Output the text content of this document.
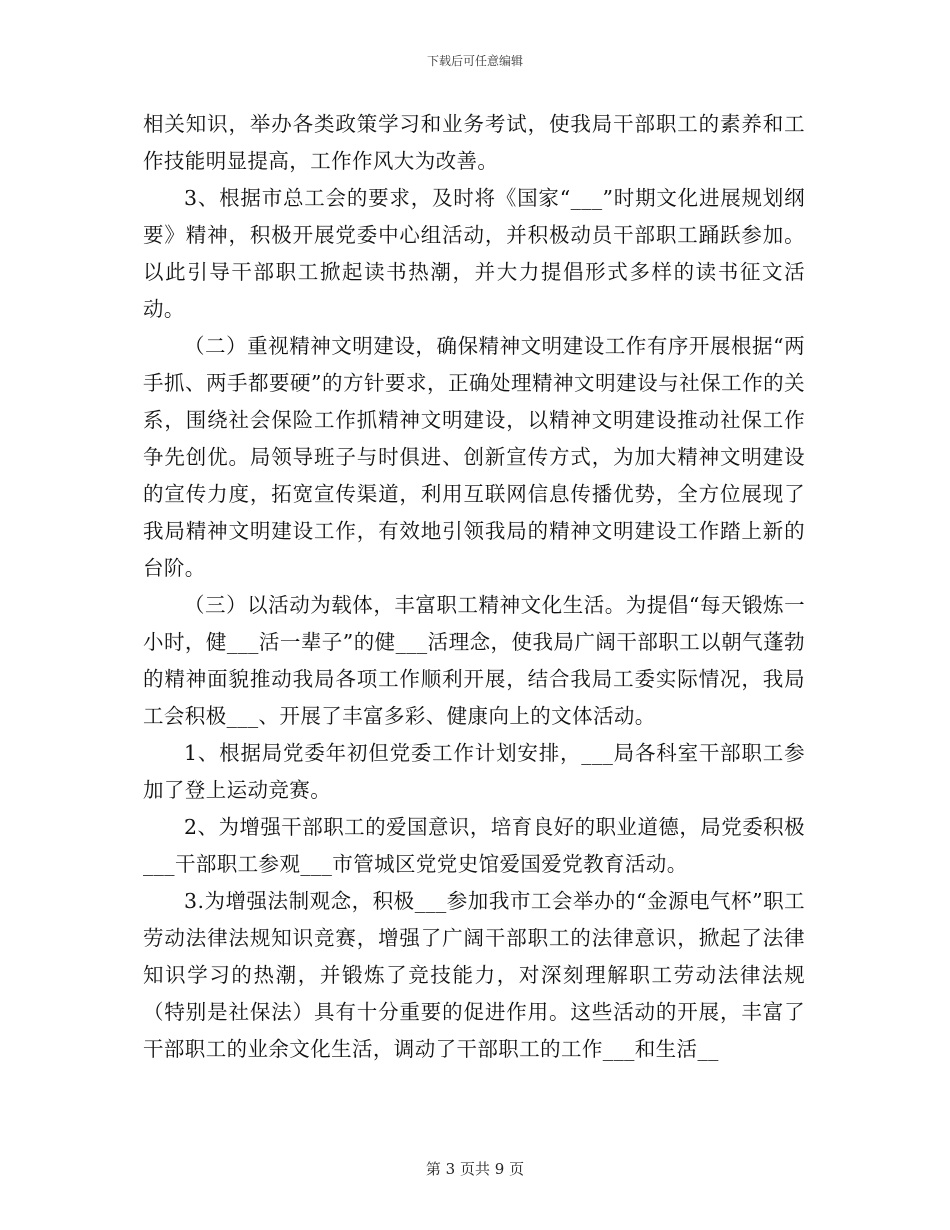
下载后可任意编辑

相关知识，举办各类政策学习和业务考试，使我局干部职工的素养和工作技能明显提高，工作作风大为改善。

3、根据市总工会的要求，及时将《国家“___”时期文化进展规划纲要》精神，积极开展党委中心组活动，并积极动员干部职工踊跃参加。以此引导干部职工掀起读书热潮，并大力提倡形式多样的读书征文活动。

（二）重视精神文明建设，确保精神文明建设工作有序开展根据“两手抓、两手都要硬”的方针要求，正确处理精神文明建设与社保工作的关系，围绕社会保险工作抓精神文明建设，以精神文明建设推动社保工作争先创优。局领导班子与时俱进、创新宣传方式，为加大精神文明建设的宣传力度，拓宽宣传渠道，利用互联网信息传播优势，全方位展现了我局精神文明建设工作，有效地引领我局的精神文明建设工作踏上新的台阶。

（三）以活动为载体，丰富职工精神文化生活。为提倡“每天锻炼一小时，健___活一辈子”的健___活理念，使我局广阔干部职工以朝气蓬勃的精神面貌推动我局各项工作顺利开展，结合我局工委实际情况，我局工会积极___、开展了丰富多彩、健康向上的文体活动。

1、根据局党委年初但党委工作计划安排，___局各科室干部职工参加了登上运动竞赛。

2、为增强干部职工的爱国意识，培育良好的职业道德，局党委积极___干部职工参观___市管城区党党史馆爱国爱党教育活动。

3.为增强法制观念，积极___参加我市工会举办的“金源电气杯”职工劳动法律法规知识竞赛，增强了广阔干部职工的法律意识，掀起了法律知识学习的热潮，并锻炼了竞技能力，对深刻理解职工劳动法律法规（特别是社保法）具有十分重要的促进作用。这些活动的开展，丰富了干部职工的业余文化生活，调动了干部职工的工作___和生活__

第 3 页共 9 页
